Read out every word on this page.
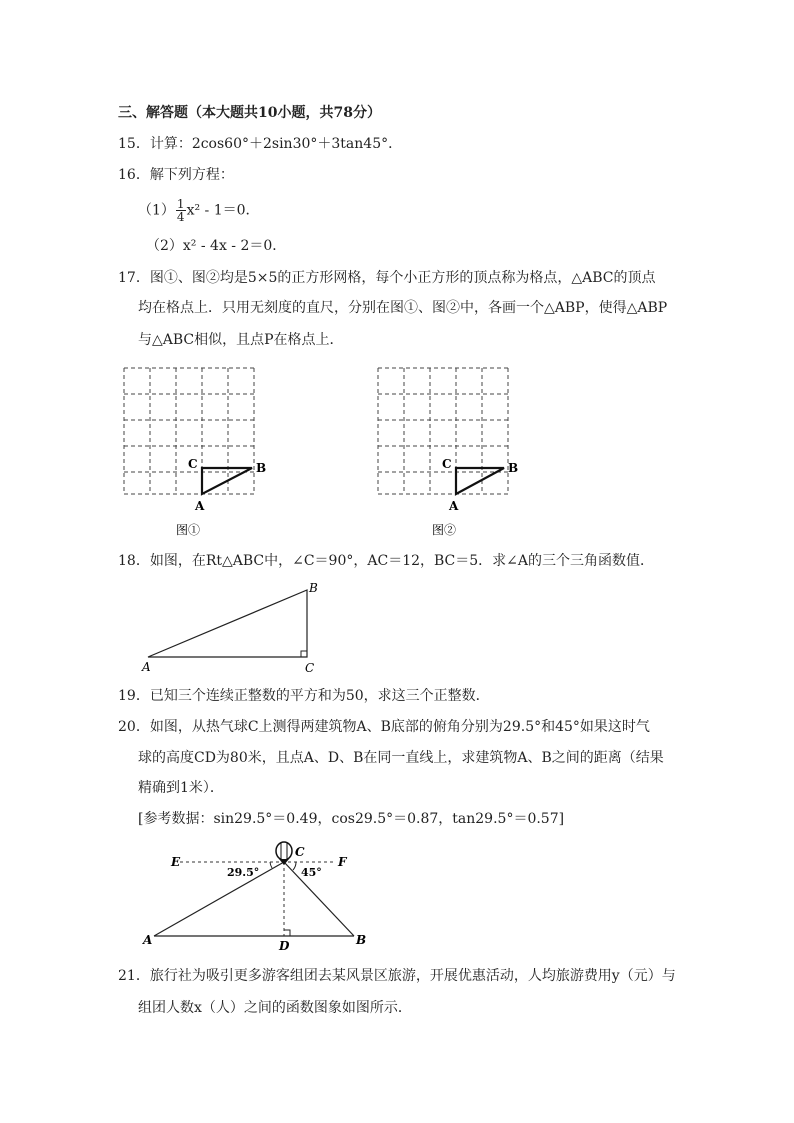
三、解答题（本大题共10小题，共78分）
15．计算：2cos60°＋2sin30°＋3tan45°．
16．解下列方程：
$(1) \frac{1}{4} x^2 - 1=0$．
（2）x² - 4x - 2＝0．
17．图①、图②均是5×5的正方形网格，每个小正方形的顶点称为格点，△ABC的顶点
均在格点上．只用无刻度的直尺，分别在图①、图②中，各画一个△ABP，使得△ABP
与△ABC相似，且点P在格点上．
C	B
A
图①
C	B
A
图②
18．如图，在Rt△ABC中，∠C＝90°，AC＝12，BC＝5．求∠A的三个三角函数值．
B
A	C
19．已知三个连续正整数的平方和为50，求这三个正整数．
20．如图，从热气球C上测得两建筑物A、B底部的俯角分别为29.5°和45°如果这时气
球的高度CD为80米，且点A、D、B在同一直线上，求建筑物A、B之间的距离（结果
精确到1米）．
[参考数据：sin29.5°＝0.49，cos29.5°＝0.87，tan29.5°＝0.57]
E	F
C
29.5°	45°
A	D	B
21．旅行社为吸引更多游客组团去某风景区旅游，开展优惠活动，人均旅游费用y（元）与
组团人数x（人）之间的函数图象如图所示．
